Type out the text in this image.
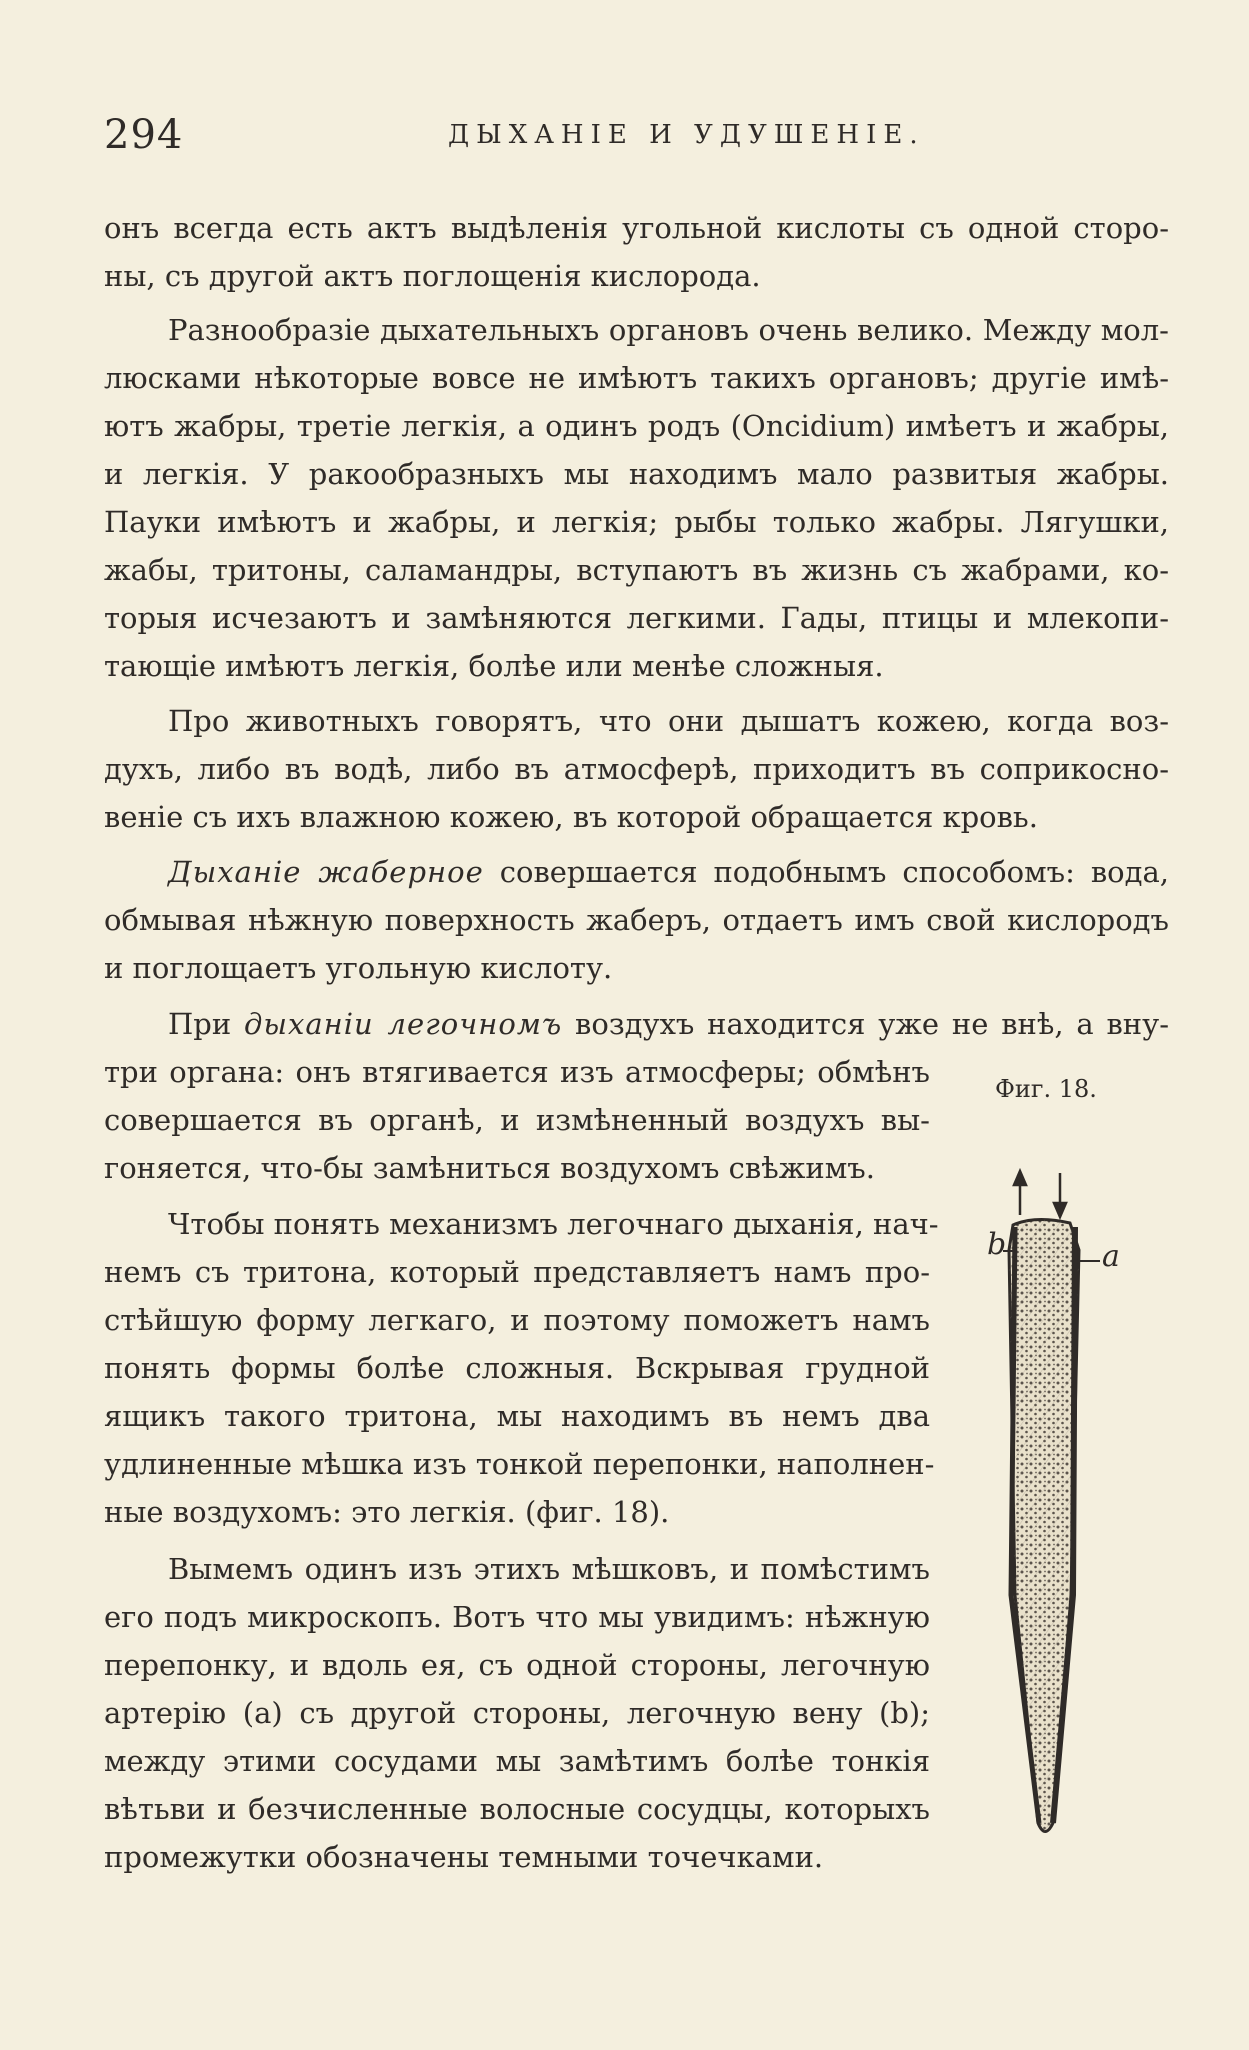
294	ДЫХАНІЕ И УДУШЕНІЕ.
онъ всегда есть актъ выдѣленія угольной кислоты съ одной сторо-
ны, съ другой актъ поглощенія кислорода.
Разнообразіе дыхательныхъ органовъ очень велико. Между мол-
люсками нѣкоторые вовсе не имѣютъ такихъ органовъ; другіе имѣ-
ютъ жабры, третіе легкія, а одинъ родъ (Oncidium) имѣетъ и жабры,
и легкія. У ракообразныхъ мы находимъ мало развитыя жабры.
Пауки имѣютъ и жабры, и легкія; рыбы только жабры. Лягушки,
жабы, тритоны, саламандры, вступаютъ въ жизнь съ жабрами, ко-
торыя исчезаютъ и замѣняются легкими. Гады, птицы и млекопи-
тающіе имѣютъ легкія, болѣе или менѣе сложныя.
Про животныхъ говорятъ, что они дышатъ кожею, когда воз-
духъ, либо въ водѣ, либо въ атмосферѣ, приходитъ въ соприкосно-
веніе съ ихъ влажною кожею, въ которой обращается кровь.
Дыханіе жаберное совершается подобнымъ способомъ: вода,
обмывая нѣжную поверхность жаберъ, отдаетъ имъ свой кислородъ
и поглощаетъ угольную кислоту.
При дыханіи легочномъ воздухъ находится уже не внѣ, а вну-
три органа: онъ втягивается изъ атмосферы; обмѣнъ
совершается въ органѣ, и измѣненный воздухъ вы-
гоняется, что-бы замѣниться воздухомъ свѣжимъ.
Чтобы понять механизмъ легочнаго дыханія, нач-
немъ съ тритона, который представляетъ намъ про-
стѣйшую форму легкаго, и поэтому поможетъ намъ
понять формы болѣе сложныя. Вскрывая грудной
ящикъ такого тритона, мы находимъ въ немъ два
удлиненные мѣшка изъ тонкой перепонки, наполнен-
ные воздухомъ: это легкія. (фиг. 18).
Вымемъ одинъ изъ этихъ мѣшковъ, и помѣстимъ
его подъ микроскопъ. Вотъ что мы увидимъ: нѣжную
перепонку, и вдоль ея, съ одной стороны, легочную
артерію (a) съ другой стороны, легочную вену (b);
между этими сосудами мы замѣтимъ болѣе тонкія
вѣтьви и безчисленные волосные сосудцы, которыхъ
промежутки обозначены темными точечками.
Фиг. 18.
b	a
